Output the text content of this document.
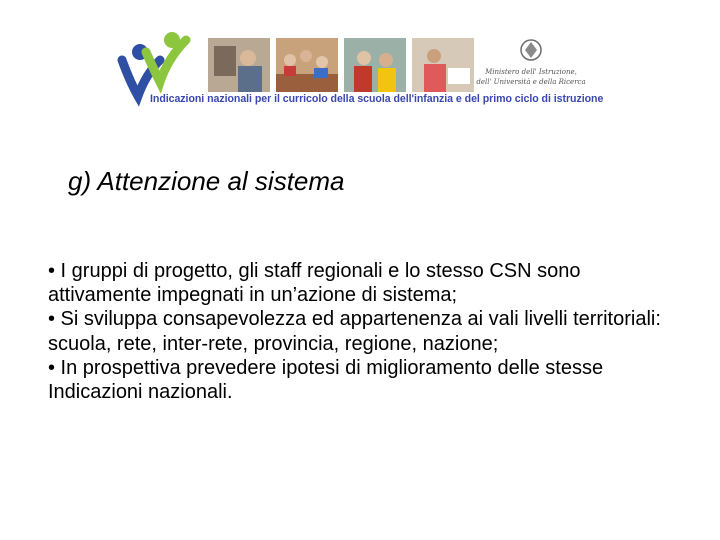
Ministero dell' Istruzione,
dell' Università e della Ricerca
Indicazioni nazionali per il curricolo della scuola dell'infanzia e del primo ciclo di istruzione
g) Attenzione al sistema

• I gruppi di progetto, gli staff regionali e lo stesso CSN sono attivamente impegnati in un’azione di sistema;

• Si sviluppa consapevolezza ed appartenenza ai vali livelli territoriali: scuola, rete, inter-rete, provincia, regione, nazione;

• In prospettiva prevedere ipotesi di miglioramento delle stesse Indicazioni nazionali.
